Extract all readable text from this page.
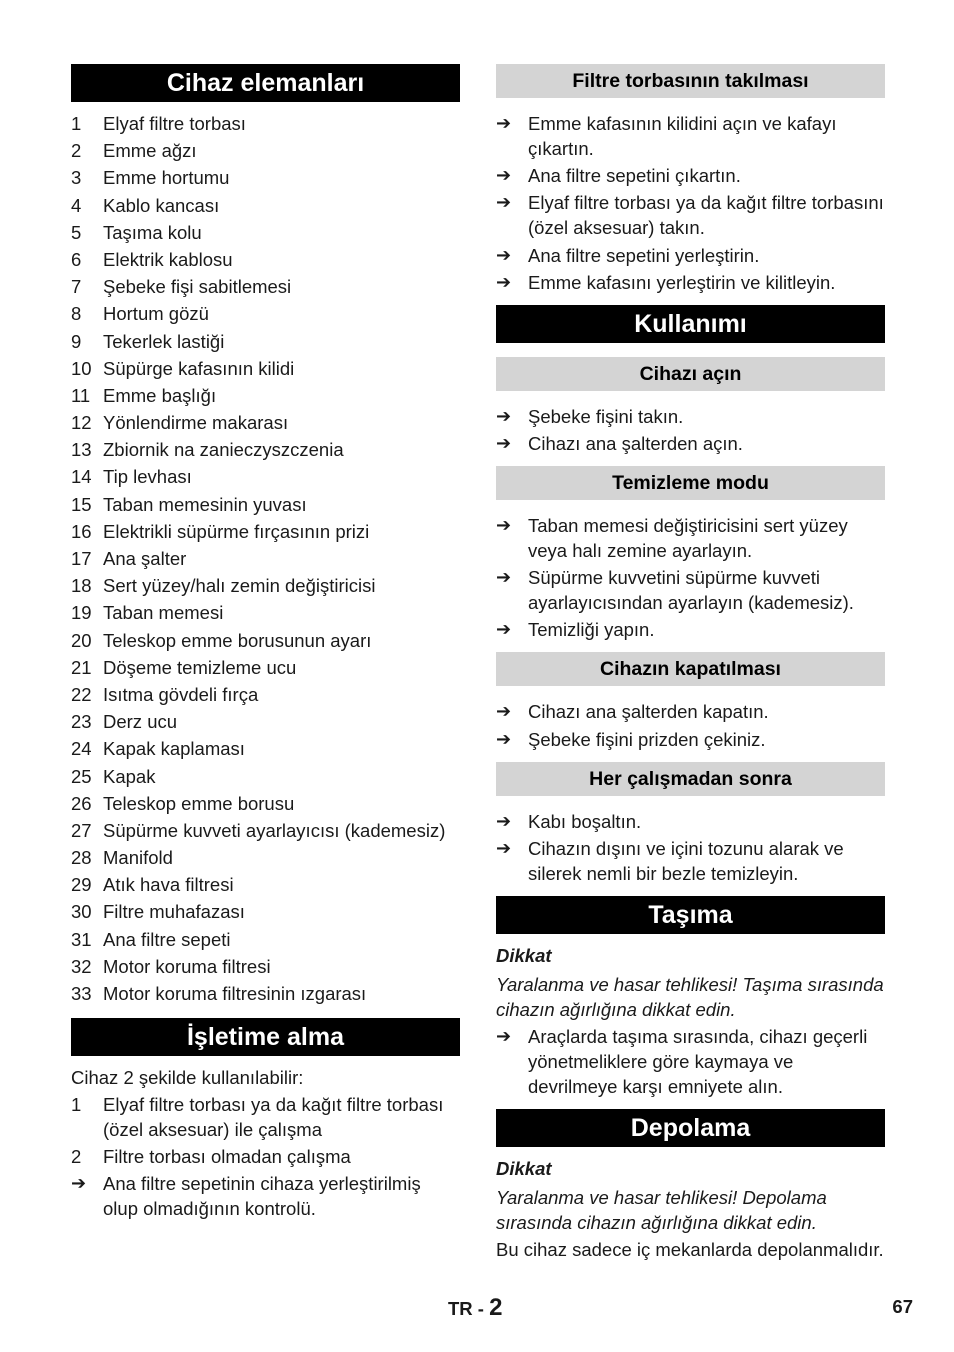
Cihaz elemanları
1	Elyaf filtre torbası
2	Emme ağzı
3	Emme hortumu
4	Kablo kancası
5	Taşıma kolu
6	Elektrik kablosu
7	Şebeke fişi sabitlemesi
8	Hortum gözü
9	Tekerlek lastiği
10 Süpürge kafasının kilidi
11 Emme başlığı
12 Yönlendirme makarası
13 Zbiornik na zanieczyszczenia
14 Tip levhası
15 Taban memesinin yuvası
16 Elektrikli süpürme fırçasının prizi
17 Ana şalter
18 Sert yüzey/halı zemin değiştiricisi
19 Taban memesi
20 Teleskop emme borusunun ayarı
21 Döşeme temizleme ucu
22 Isıtma gövdeli fırça
23 Derz ucu
24 Kapak kaplaması
25 Kapak
26 Teleskop emme borusu
27 Süpürme kuvveti ayarlayıcısı (kademesiz)
28 Manifold
29 Atık hava filtresi
30 Filtre muhafazası
31 Ana filtre sepeti
32 Motor koruma filtresi
33 Motor koruma filtresinin ızgarası
İşletime alma
Cihaz 2 şekilde kullanılabilir:
1	Elyaf filtre torbası ya da kağıt filtre torbası (özel aksesuar) ile çalışma
2	Filtre torbası olmadan çalışma
➔ Ana filtre sepetinin cihaza yerleştirilmiş olup olmadığının kontrolü.
Filtre torbasının takılması
➔ Emme kafasının kilidini açın ve kafayı çıkartın.
➔ Ana filtre sepetini çıkartın.
➔ Elyaf filtre torbası ya da kağıt filtre torbasını (özel aksesuar) takın.
➔ Ana filtre sepetini yerleştirin.
➔ Emme kafasını yerleştirin ve kilitleyin.
Kullanımı
Cihazı açın
➔ Şebeke fişini takın.
➔ Cihazı ana şalterden açın.
Temizleme modu
➔ Taban memesi değiştiricisini sert yüzey veya halı zemine ayarlayın.
➔ Süpürme kuvvetini süpürme kuvveti ayarlayıcısından ayarlayın (kademesiz).
➔ Temizliği yapın.
Cihazın kapatılması
➔ Cihazı ana şalterden kapatın.
➔ Şebeke fişini prizden çekiniz.
Her çalışmadan sonra
➔ Kabı boşaltın.
➔ Cihazın dışını ve içini tozunu alarak ve silerek nemli bir bezle temizleyin.
Taşıma
Dikkat
Yaralanma ve hasar tehlikesi! Taşıma sırasında cihazın ağırlığına dikkat edin.
➔ Araçlarda taşıma sırasında, cihazı geçerli yönetmeliklere göre kaymaya ve devrilmeye karşı emniyete alın.
Depolama
Dikkat
Yaralanma ve hasar tehlikesi! Depolama sırasında cihazın ağırlığına dikkat edin.
Bu cihaz sadece iç mekanlarda depolanmalıdır.
TR - 2	67
